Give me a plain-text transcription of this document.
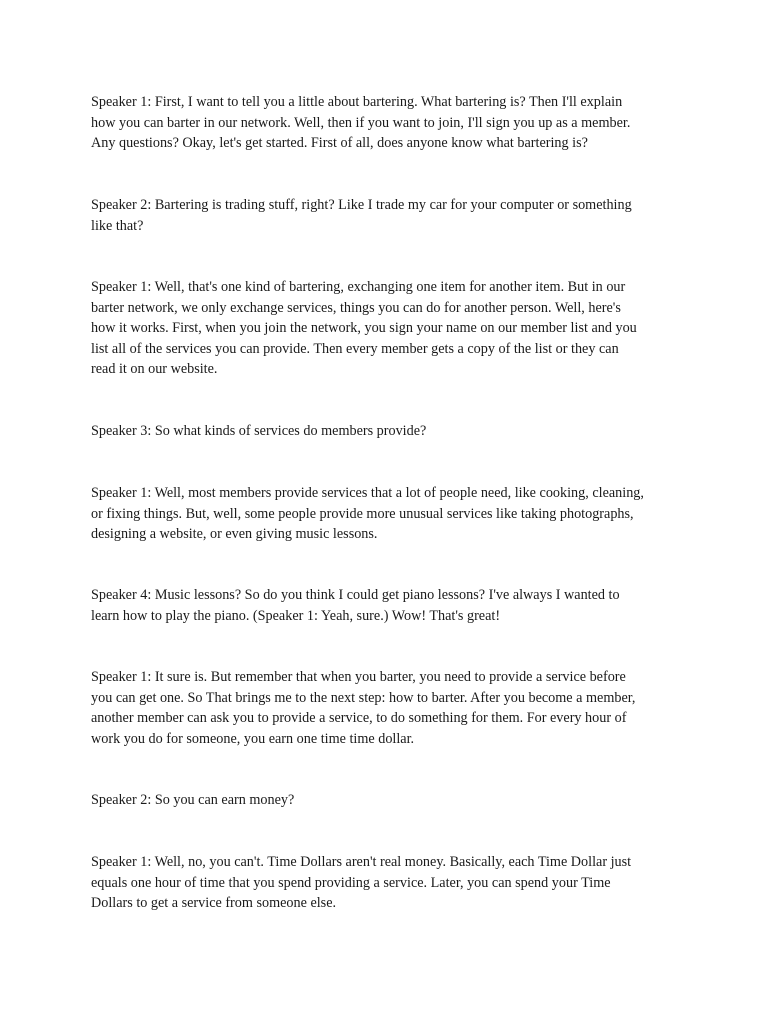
Speaker 1: First, I want to tell you a little about bartering. What bartering is? Then I'll explain
how you can barter in our network. Well, then if you want to join, I'll sign you up as a member.
Any questions? Okay, let's get started. First of all, does anyone know what bartering is?

Speaker 2: Bartering is trading stuff, right? Like I trade my car for your computer or something
like that?

Speaker 1: Well, that's one kind of bartering, exchanging one item for another item. But in our
barter network, we only exchange services, things you can do for another person. Well, here's
how it works. First, when you join the network, you sign your name on our member list and you
list all of the services you can provide. Then every member gets a copy of the list or they can
read it on our website.

Speaker 3: So what kinds of services do members provide?

Speaker 1: Well, most members provide services that a lot of people need, like cooking, cleaning,
or fixing things. But, well, some people provide more unusual services like taking photographs,
designing a website, or even giving music lessons.

Speaker 4: Music lessons? So do you think I could get piano lessons? I've always I wanted to
learn how to play the piano. (Speaker 1: Yeah, sure.) Wow! That's great!

Speaker 1: It sure is. But remember that when you barter, you need to provide a service before
you can get one. So That brings me to the next step: how to barter. After you become a member,
another member can ask you to provide a service, to do something for them. For every hour of
work you do for someone, you earn one time time dollar.

Speaker 2: So you can earn money?

Speaker 1: Well, no, you can't. Time Dollars aren't real money. Basically, each Time Dollar just
equals one hour of time that you spend providing a service. Later, you can spend your Time
Dollars to get a service from someone else.
